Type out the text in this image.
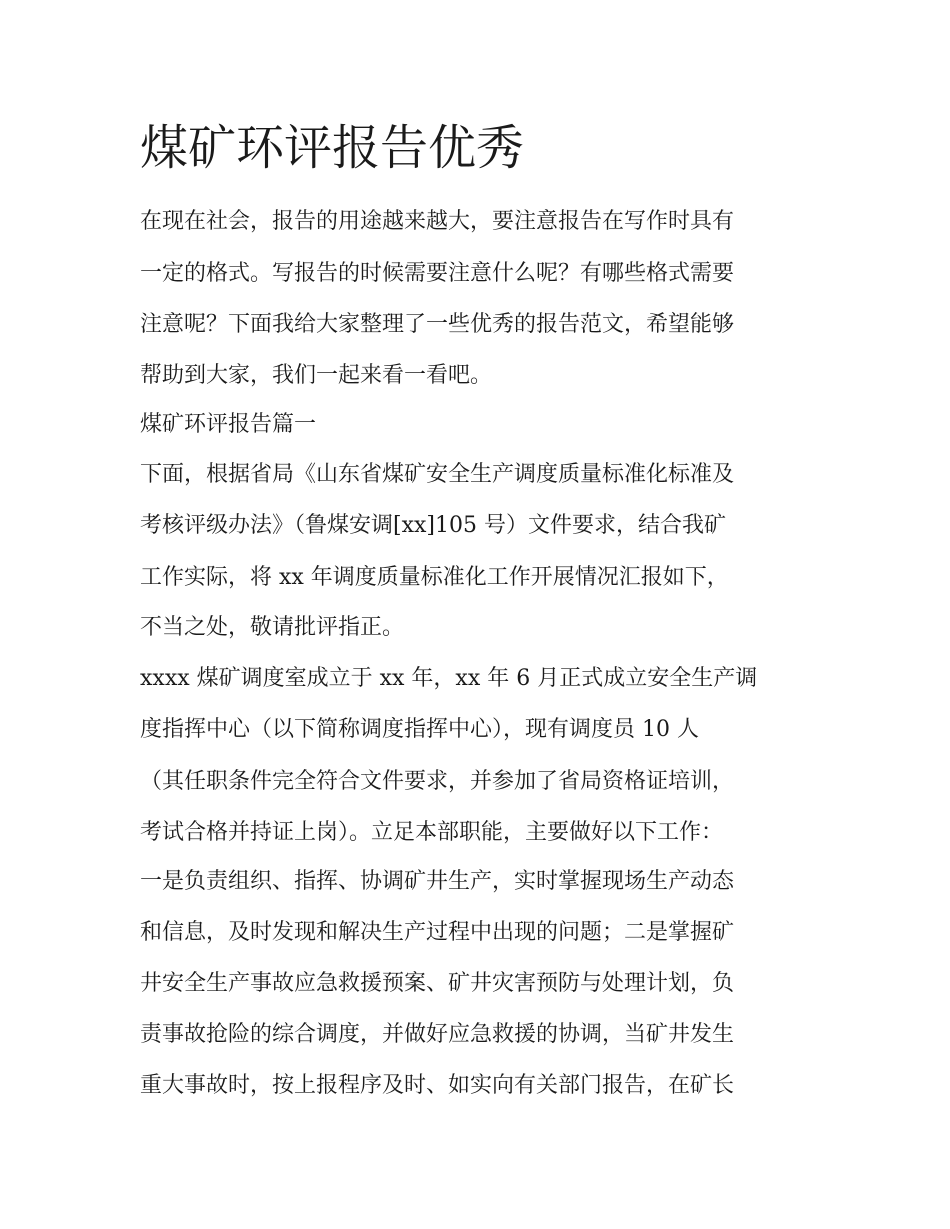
煤矿环评报告优秀

在现在社会，报告的用途越来越大，要注意报告在写作时具有

一定的格式。写报告的时候需要注意什么呢？有哪些格式需要

注意呢？下面我给大家整理了一些优秀的报告范文，希望能够

帮助到大家，我们一起来看一看吧。

煤矿环评报告篇一

下面，根据省局《山东省煤矿安全生产调度质量标准化标准及

考核评级办法》（鲁煤安调[xx]105 号）文件要求，结合我矿

工作实际，将 xx 年调度质量标准化工作开展情况汇报如下，

不当之处，敬请批评指正。

xxxx 煤矿调度室成立于 xx 年，xx 年 6 月正式成立安全生产调

度指挥中心（以下简称调度指挥中心），现有调度员 10 人

（其任职条件完全符合文件要求，并参加了省局资格证培训，

考试合格并持证上岗）。立足本部职能，主要做好以下工作：

一是负责组织、指挥、协调矿井生产，实时掌握现场生产动态

和信息，及时发现和解决生产过程中出现的问题；二是掌握矿

井安全生产事故应急救援预案、矿井灾害预防与处理计划，负

责事故抢险的综合调度，并做好应急救援的协调，当矿井发生

重大事故时，按上报程序及时、如实向有关部门报告，在矿长
